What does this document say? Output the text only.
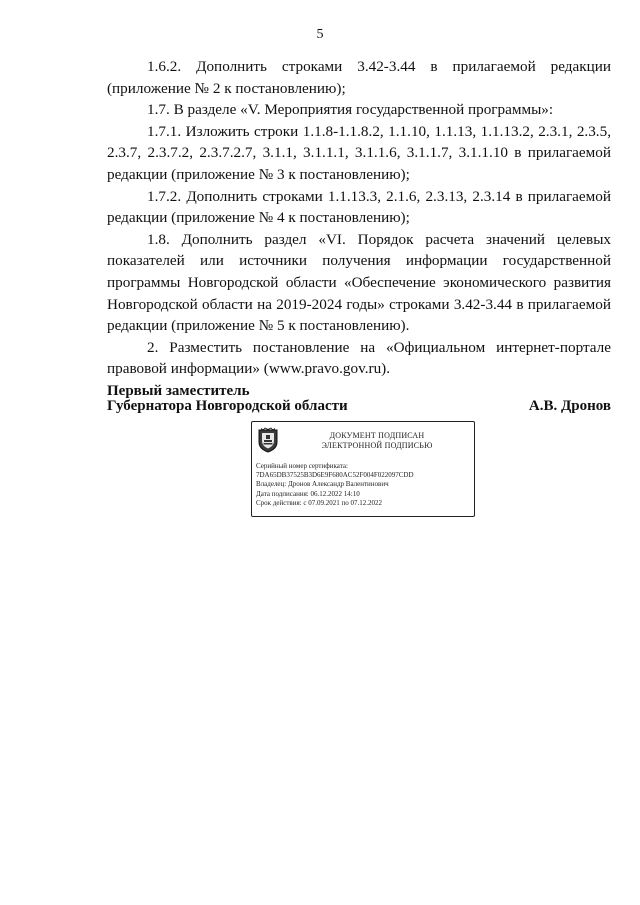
5

1.6.2. Дополнить строками 3.42-3.44 в прилагаемой редакции (приложение № 2 к постановлению);

1.7. В разделе «V. Мероприятия государственной программы»:

1.7.1. Изложить строки 1.1.8-1.1.8.2, 1.1.10, 1.1.13, 1.1.13.2, 2.3.1, 2.3.5, 2.3.7, 2.3.7.2, 2.3.7.2.7, 3.1.1, 3.1.1.1, 3.1.1.6, 3.1.1.7, 3.1.1.10 в прилагаемой редакции (приложение № 3 к постановлению);

1.7.2. Дополнить строками 1.1.13.3, 2.1.6, 2.3.13, 2.3.14 в прилагаемой редакции (приложение № 4 к постановлению);

1.8. Дополнить раздел «VI. Порядок расчета значений целевых показателей или источники получения информации государственной программы Новгородской области «Обеспечение экономического развития Новгородской области на 2019-2024 годы» строками 3.42-3.44 в прилагаемой редакции (приложение № 5 к постановлению).

2. Разместить постановление на «Официальном интернет-портале правовой информации» (www.pravo.gov.ru).

Первый заместитель
Губернатора Новгородской области	А.В. Дронов
ДОКУМЕНТ ПОДПИСАН
ЭЛЕКТРОННОЙ ПОДПИСЬЮ
Серийный номер сертификата:
7DA65DB37525B3D6E9F680AC52F004F022097CDD
Владелец: Дронов Александр Валентинович
Дата подписания: 06.12.2022 14:10
Срок действия: с 07.09.2021 по 07.12.2022
